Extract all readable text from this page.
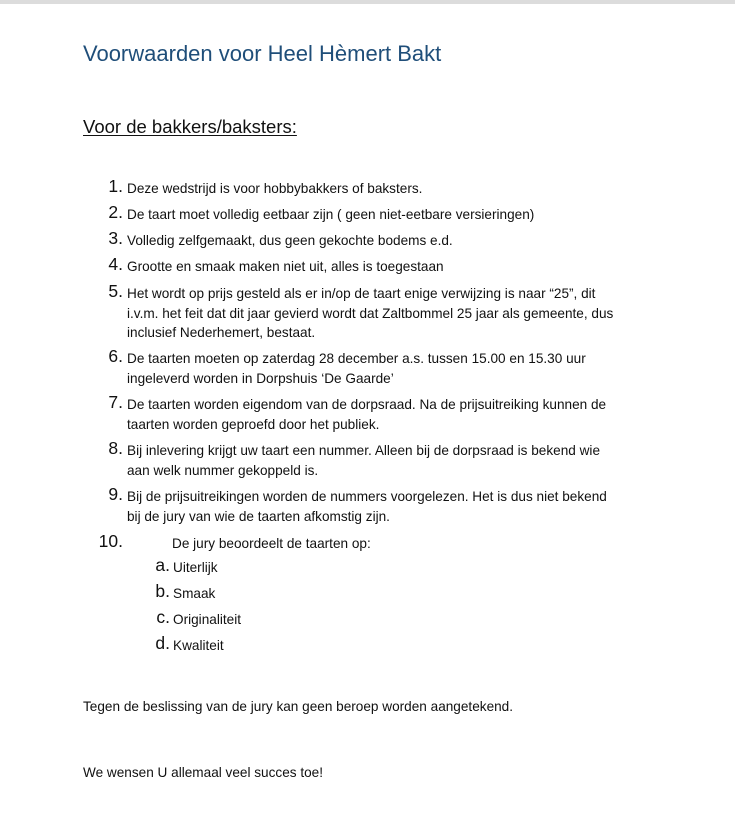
Voorwaarden voor Heel Hèmert Bakt
Voor de bakkers/baksters:
1. Deze wedstrijd is voor hobbybakkers of baksters.
2. De taart moet volledig eetbaar zijn ( geen niet-eetbare versieringen)
3. Volledig zelfgemaakt, dus geen gekochte bodems e.d.
4. Grootte en smaak maken niet uit, alles is toegestaan
5. Het wordt op prijs gesteld als er in/op de taart enige verwijzing is naar “25”, dit
i.v.m. het feit dat dit jaar gevierd wordt dat Zaltbommel 25 jaar als gemeente, dus
inclusief Nederhemert, bestaat.
6. De taarten moeten op zaterdag 28 december a.s. tussen 15.00 en 15.30 uur
ingeleverd worden in Dorpshuis ‘De Gaarde’
7. De taarten worden eigendom van de dorpsraad. Na de prijsuitreiking kunnen de
taarten worden geproefd door het publiek.
8. Bij inlevering krijgt uw taart een nummer. Alleen bij de dorpsraad is bekend wie
aan welk nummer gekoppeld is.
9. Bij de prijsuitreikingen worden de nummers voorgelezen. Het is dus niet bekend
bij de jury van wie de taarten afkomstig zijn.
10.	De jury beoordeelt de taarten op:
a. Uiterlijk
b. Smaak
c. Originaliteit
d. Kwaliteit
Tegen de beslissing van de jury kan geen beroep worden aangetekend.
We wensen U allemaal veel succes toe!
